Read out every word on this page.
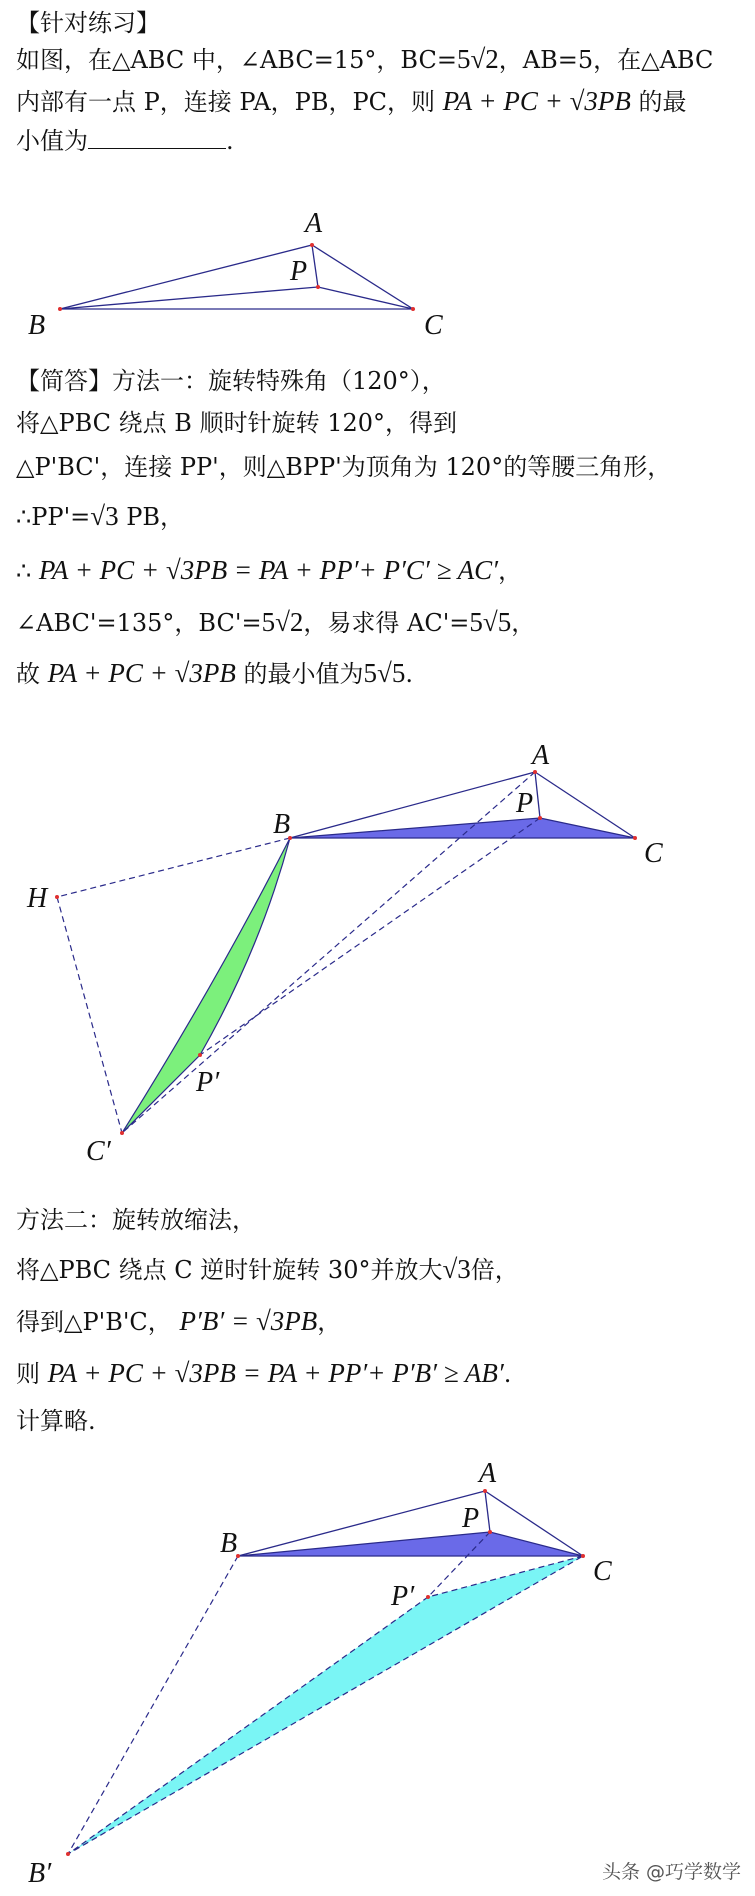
【针对练习】
如图，在△ABC 中，∠ABC=15°，BC=5√2，AB=5，在△ABC
内部有一点 P，连接 PA，PB，PC，则 PA + PC + √3PB 的最
小值为	.
A
P
B	C
【简答】方法一：旋转特殊角（120°），
将△PBC 绕点 B 顺时针旋转 120°，得到
△P'BC'，连接 PP'，则△BPP'为顶角为 120°的等腰三角形，
∴PP'=√3 PB，
∴ PA + PC + √3PB = PA + PP′+ P′C′ ≥ AC′，
∠ABC'=135°，BC'=5√2，易求得 AC'=5√5，
故 PA + PC + √3PB 的最小值为5√5.
A
P
B
C
H
P′
C′
方法二：旋转放缩法，
将△PBC 绕点 C 逆时针旋转 30°并放大√3倍，
得到△P'B'C， P′B′ = √3PB，
则 PA + PC + √3PB = PA + PP′+ P′B′ ≥ AB′.
计算略.
A
P
B
C
P′
B′	头条 @巧学数学
